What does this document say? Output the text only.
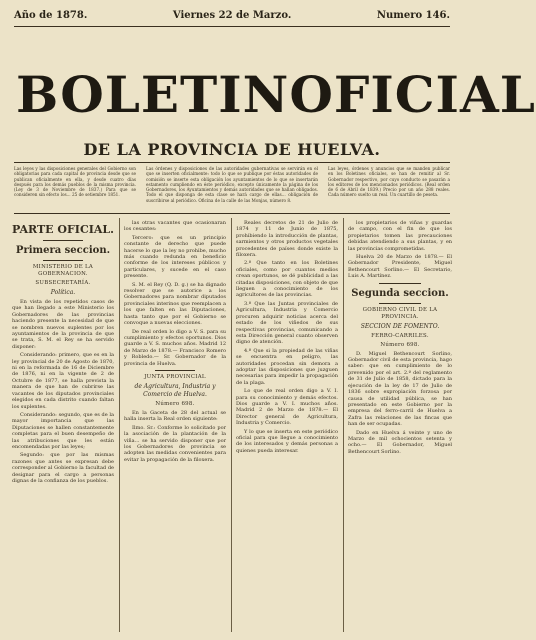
Año de 1878.	Viernes 22 de Marzo.	Numero 146.
BOLETIN OFICIAL
DE LA PROVINCIA DE HUELVA.
Las leyes y las disposiciones generales del Gobierno son obligatorias para cada capital de provincia desde que se publican oficialmente en ella, y desde cuatro días después para los demás pueblos de la misma provincia. (Ley de 3 de Noviembre de 1837.) Para que se consideren sin efecto los... 25 de setiembre 1851.
Las órdenes y disposiciones de las autoridades gubernativas se servirán en el que se inserten oficialmente: todo lo que se publique por éstas autoridades de comisión se inserte esta obligación los ayuntamientos de lo que se insertarán estamento cumpliendo en éste periódico, excepto únicamente la página de los Gobernadores, los Ayuntamientos y demás autoridades que se hallan obligados. Todo el que disponga de esta clase se hará cargo de ellas... obligación de suscribirse al periódico. Oficina de la calle de las Monjas, número 8.
Las leyes, órdenes y anuncios que se manden publicar en los Boletines oficiales, se han de remitir al Sr. Gobernador respectivo, por cuyo conducto se pasarán a los editores de los mencionados periódicos. (Real orden de 6 de Abril de 1839.) Precio por un año 288 reales. Cada número suelto un real. Un cuartillo de peseta.
PARTE OFICIAL.
Primera seccion.
MINISTERIO DE LA GOBERNACION.
SUBSECRETARÍA.
Política.

En vista de los repetidos casos de que han llegado a este Ministerio los Gobernadores de las provincias haciendo presente la necesidad de que se nombren nuevos suplentes por los ayuntamientos de la provincia de que se trata, S. M. el Rey se ha servido disponer:

Considerando: primero, que es en la ley provincial de 20 de Agosto de 1870, ni en la reformada de 16 de Diciembre de 1876, ni en la vigente de 2 de Octubre de 1877, se halla prevista la manera de que han de cubrirse las vacantes de los diputados provinciales elegidos en cada distrito cuando faltan los suplentes.

Considerando: segundo, que es de la mayor importancia que las Diputaciones se hallen constantemente completas para el buen desempeño de las atribuciones que les están encomendadas por las leyes;

Segundo: que por las mismas razones que antes se expresan debe corresponder al Gobierno la facultad de designar para el cargo a personas dignas de la confianza de los pueblos.

las otras vacantes que ocasionaran los cesantes:

Tercero: que es un principio constante de derecho que puede hacerse lo que la ley no prohibe, mucho más cuando redunda en beneficio conforme de los intereses públicos y particulares, y sucede en el caso presente.

S. M. el Rey (Q. D. g.) se ha dignado resolver que se autorice a los Gobernadores para nombrar diputados provinciales interinos que reemplacen a los que falten en las Diputaciones, hasta tanto que por el Gobierno se convoque a nuevas elecciones.

De real orden lo digo a V. S. para su cumplimiento y efectos oportunos. Dios guarde a V. S. muchos años. Madrid 12 de Marzo de 1878.— Francisco Romero y Robledo.— Sr. Gobernador de la provincia de Huelva.

JUNTA PROVINCIAL
de Agricultura, Industria y Comercio de Huelva.
Número 698.

En la Gaceta de 28 del actual se halla inserta la Real orden siguiente:

Ilmo. Sr.: Conforme lo solicitado por la asociación de la plantación de la viña... se ha servido disponer que por los Gobernadores de provincia se adopten las medidas convenientes para evitar la propagación de la filoxera.

Reales decretos de 21 de Julio de 1874 y 11 de Junio de 1875, prohibiendo la introducción de plantas, sarmientos y otros productos vegetales procedentes de países donde existe la filoxera.

2.º Que tanto en los Boletines oficiales, como por cuantos medios crean oportunos, se dé publicidad a las citadas disposiciones, con objeto de que lleguen a conocimiento de los agricultores de las provincias.

3.º Que las Juntas provinciales de Agricultura, Industria y Comercio procuren adquirir noticias acerca del estado de los viñedos de sus respectivas provincias, comunicando a esta Dirección general cuanto observen digno de atención.

4.º Que si la propiedad de las viñas se encuentra en peligro, las autoridades procedan sin demora a adoptar las disposiciones que juzguen necesarias para impedir la propagación de la plaga.

Lo que de real orden digo a V. I. para su conocimiento y demás efectos. Dios guarde a V. I. muchos años. Madrid 2 de Marzo de 1878.— El Director general de Agricultura, Industria y Comercio.

Y lo que se inserta en este periódico oficial para que llegue a conocimiento de los interesados y demás personas a quienes pueda interesar.

los propietarios de viñas y guardas de campo, con el fin de que los propietarios tomen las precauciones debidas atendiendo a sus plantas, y en las provincias comprometidas.

Huelva 20 de Marzo de 1878.— El Gobernador Presidente, Miguel Bethencourt Sorlino.— El Secretario, Luis A. Martínez.

Segunda seccion.
GOBIERNO CIVIL DE LA PROVINCIA.
SECCION DE FOMENTO.
FERRO-CARRILES.
Número 698.

D. Miguel Bethencourt Sorlino, Gobernador civil de esta provincia, hago saber: que en cumplimiento de lo prevenido por el art. 2.º del reglamento de 31 de Julio de 1858, dictado para la ejecución de la ley de 17 de Julio de 1836 sobre expropiación forzosa por causa de utilidad pública, se han presentado en este Gobierno por la empresa del ferro-carril de Huelva a Zafra las relaciones de las fincas que han de ser ocupadas.

Dado en Huelva á veinte y uno de Marzo de mil ochocientos setenta y ocho.— El Gobernador, Miguel Bethencourt Sorlino.
